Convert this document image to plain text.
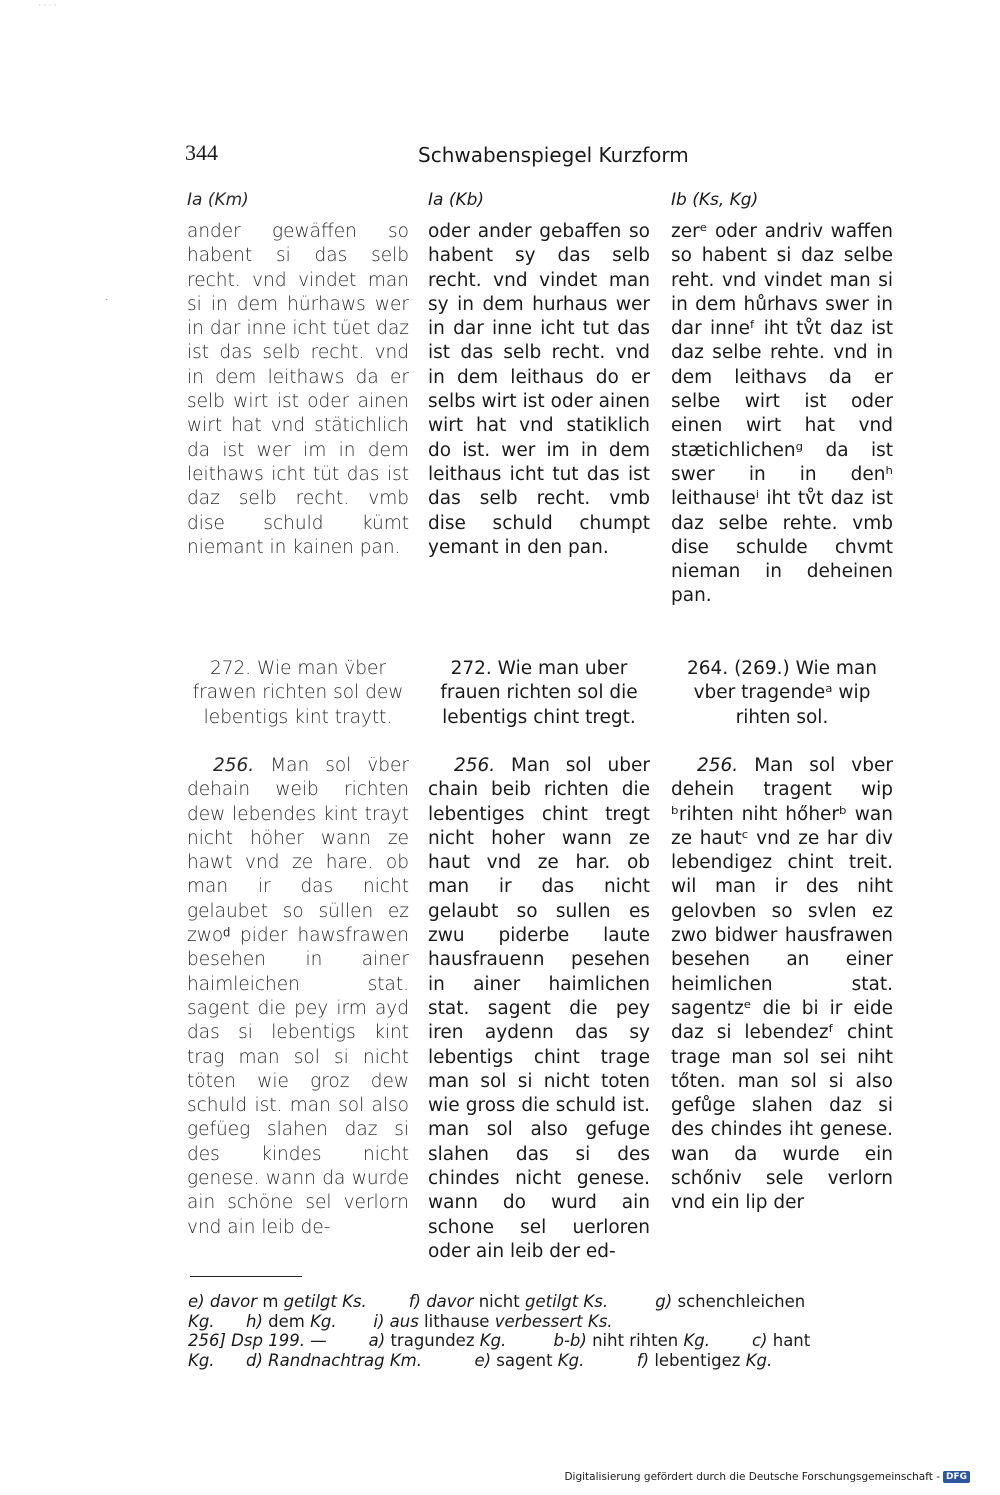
· · · ·
·
344	Schwabenspiegel Kurzform
Ia (Km)

ander gewäffen so habent si das selb recht. vnd vindet man si in dem hürhaws wer in dar inne icht tüet daz ist das selb recht. vnd in dem leithaws da er selb wirt ist oder ainen wirt hat vnd stätichlich da ist wer im in dem leithaws icht tüt das ist daz selb recht. vmb dise schuld kümt niemant in kainen pan.

272. Wie man v̈ber frawen richten sol dew lebentigs kint traytt.

256. Man sol v̈ber dehain weib richten dew lebendes kint trayt nicht höher wann ze hawt vnd ze hare. ob man ir das nicht gelaubet so süllen ez zwoᵈ pider hawsfrawen besehen in ainer haimleichen stat. sagent die pey irm ayd das si lebentigs kint trag man sol si nicht töten wie groz dew schuld ist. man sol also gefüeg slahen daz si des kindes nicht genese. wann da wurde ain schöne sel verlorn vnd ain leib de-

Ia (Kb)

oder ander gebaffen so habent sy das selb recht. vnd vindet man sy in dem hurhaus wer in dar inne icht tut das ist das selb recht. vnd in dem leithaus do er selbs wirt ist oder ainen wirt hat vnd statiklich do ist. wer im in dem leithaus icht tut das ist das selb recht. vmb dise schuld chumpt yemant in den pan.

272. Wie man uber frauen richten sol die lebentigs chint tregt.

256. Man sol uber chain beib richten die lebentiges chint tregt nicht hoher wann ze haut vnd ze har. ob man ir das nicht gelaubt so sullen es zwu piderbe laute hausfrauenn pesehen in ainer haimlichen stat. sagent die pey iren aydenn das sy lebentigs chint trage man sol si nicht toten wie gross die schuld ist. man sol also gefuge slahen das si des chindes nicht genese. wann do wurd ain schone sel uerloren oder ain leib der ed-

Ib (Ks, Kg)

zerᵉ oder andriv waffen so habent si daz selbe reht. vnd vindet man si in dem hůrhavs swer in dar inneᶠ iht tv̊t daz ist daz selbe rehte. vnd in dem leithavs da er selbe wirt ist oder einen wirt hat vnd stætichlichenᵍ da ist swer in in denʰ leithauseⁱ iht tv̊t daz ist daz selbe rehte. vmb dise schulde chvmt nieman in deheinen pan.

264. (269.) Wie man vber tragendeᵃ wip rihten sol.

256. Man sol vber dehein tragent wip ᵇrihten niht hőherᵇ wan ze hautᶜ vnd ze har div lebendigez chint treit. wil man ir des niht gelovben so svlen ez zwo bidwer hausfrawen besehen an einer heimlichen stat. sagentzᵉ die bi ir eide daz si lebendezᶠ chint trage man sol sei niht tőten. man sol si also gefůge slahen daz si des chindes iht genese. wan da wurde ein schőniv sele verlorn vnd ein lip der

e) davor m getilgt Ks.        f) davor nicht getilgt Ks.         g) schenchleichen
Kg.      h) dem Kg.       i) aus lithause verbessert Ks.
256] Dsp 199. —        a) tragundez Kg.         b-b) niht rihten Kg.        c) hant
Kg.      d) Randnachtrag Km.          e) sagent Kg.          f) lebentigez Kg.
Digitalisierung gefördert durch die Deutsche Forschungsgemeinschaft - DFG
